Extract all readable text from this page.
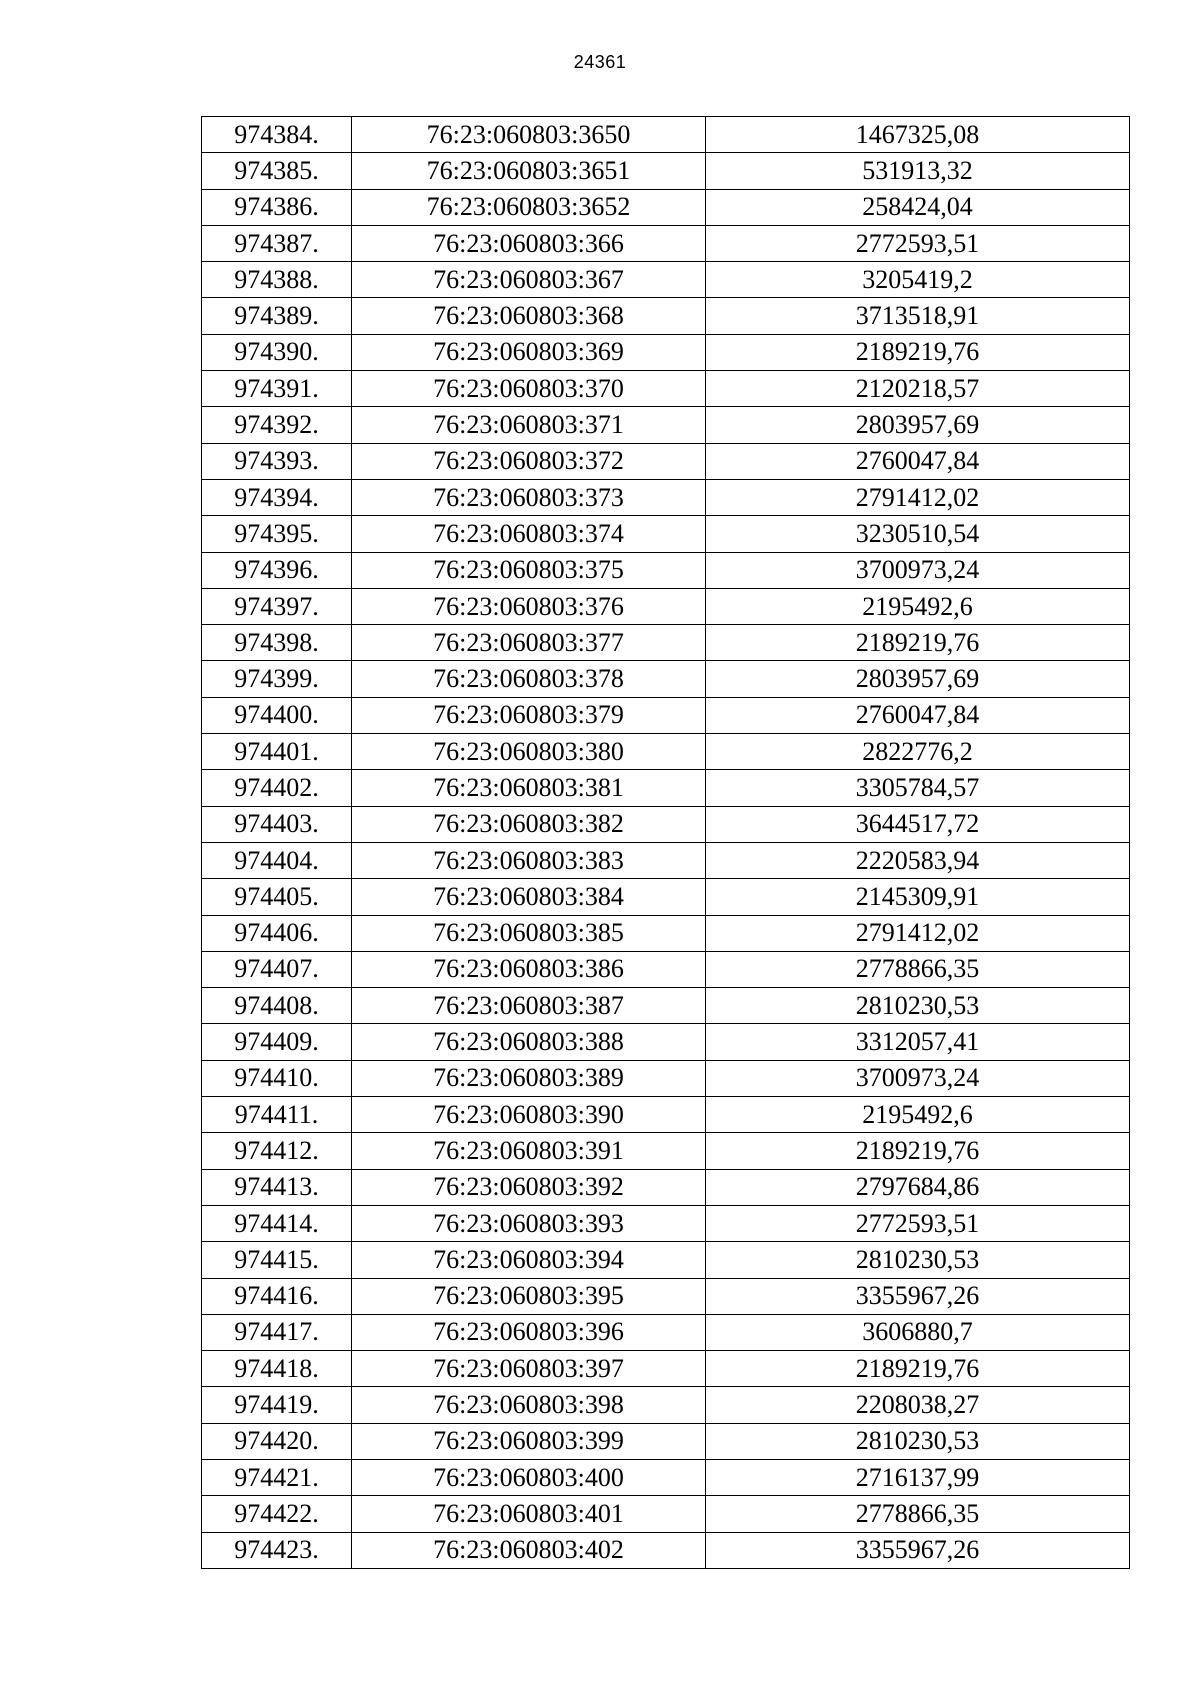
24361
974384.	76:23:060803:3650	1467325,08
974385.	76:23:060803:3651	531913,32
974386.	76:23:060803:3652	258424,04
974387.	76:23:060803:366	2772593,51
974388.	76:23:060803:367	3205419,2
974389.	76:23:060803:368	3713518,91
974390.	76:23:060803:369	2189219,76
974391.	76:23:060803:370	2120218,57
974392.	76:23:060803:371	2803957,69
974393.	76:23:060803:372	2760047,84
974394.	76:23:060803:373	2791412,02
974395.	76:23:060803:374	3230510,54
974396.	76:23:060803:375	3700973,24
974397.	76:23:060803:376	2195492,6
974398.	76:23:060803:377	2189219,76
974399.	76:23:060803:378	2803957,69
974400.	76:23:060803:379	2760047,84
974401.	76:23:060803:380	2822776,2
974402.	76:23:060803:381	3305784,57
974403.	76:23:060803:382	3644517,72
974404.	76:23:060803:383	2220583,94
974405.	76:23:060803:384	2145309,91
974406.	76:23:060803:385	2791412,02
974407.	76:23:060803:386	2778866,35
974408.	76:23:060803:387	2810230,53
974409.	76:23:060803:388	3312057,41
974410.	76:23:060803:389	3700973,24
974411.	76:23:060803:390	2195492,6
974412.	76:23:060803:391	2189219,76
974413.	76:23:060803:392	2797684,86
974414.	76:23:060803:393	2772593,51
974415.	76:23:060803:394	2810230,53
974416.	76:23:060803:395	3355967,26
974417.	76:23:060803:396	3606880,7
974418.	76:23:060803:397	2189219,76
974419.	76:23:060803:398	2208038,27
974420.	76:23:060803:399	2810230,53
974421.	76:23:060803:400	2716137,99
974422.	76:23:060803:401	2778866,35
974423.	76:23:060803:402	3355967,26
